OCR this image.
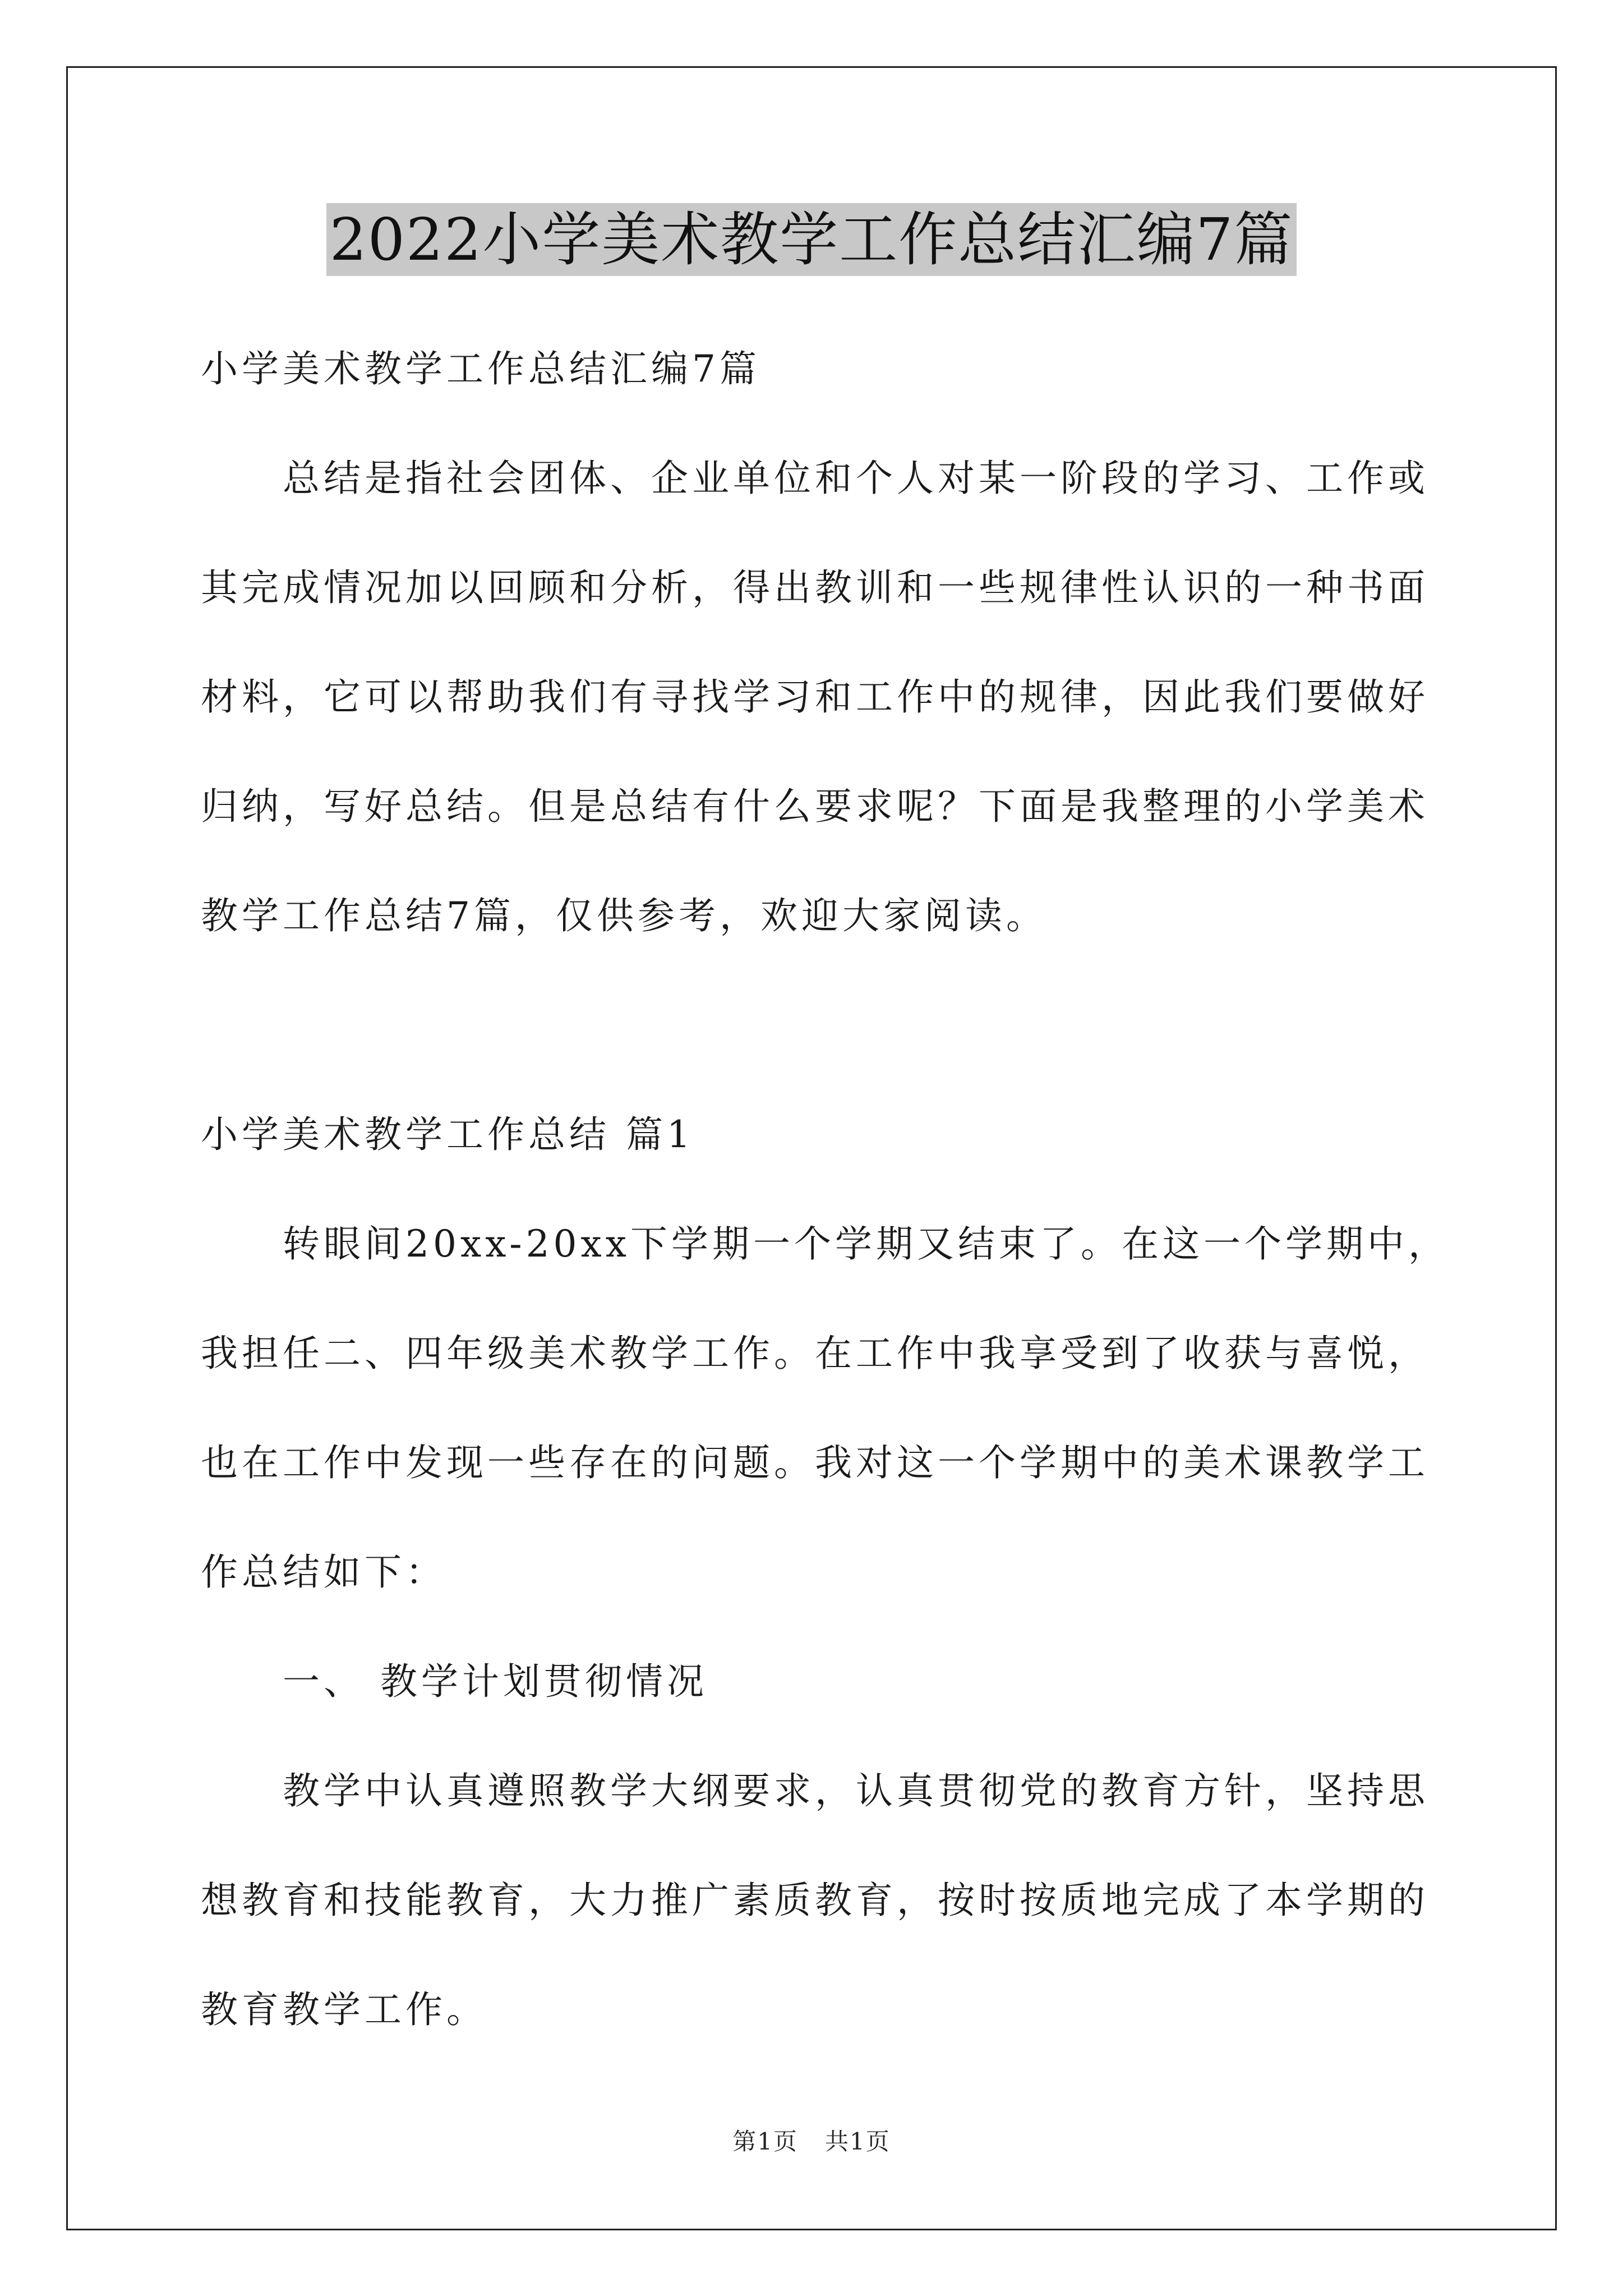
2022小学美术教学工作总结汇编7篇

小学美术教学工作总结汇编7篇

总结是指社会团体、企业单位和个人对某一阶段的学习、工作或

其完成情况加以回顾和分析，得出教训和一些规律性认识的一种书面

材料，它可以帮助我们有寻找学习和工作中的规律，因此我们要做好

归纳，写好总结。但是总结有什么要求呢？下面是我整理的小学美术

教学工作总结7篇，仅供参考，欢迎大家阅读。

小学美术教学工作总结 篇1

转眼间20xx-20xx下学期一个学期又结束了。在这一个学期中，

我担任二、四年级美术教学工作。在工作中我享受到了收获与喜悦，

也在工作中发现一些存在的问题。我对这一个学期中的美术课教学工

作总结如下：

一、 教学计划贯彻情况

教学中认真遵照教学大纲要求，认真贯彻党的教育方针，坚持思

想教育和技能教育，大力推广素质教育，按时按质地完成了本学期的

教育教学工作。

第1页 共1页
